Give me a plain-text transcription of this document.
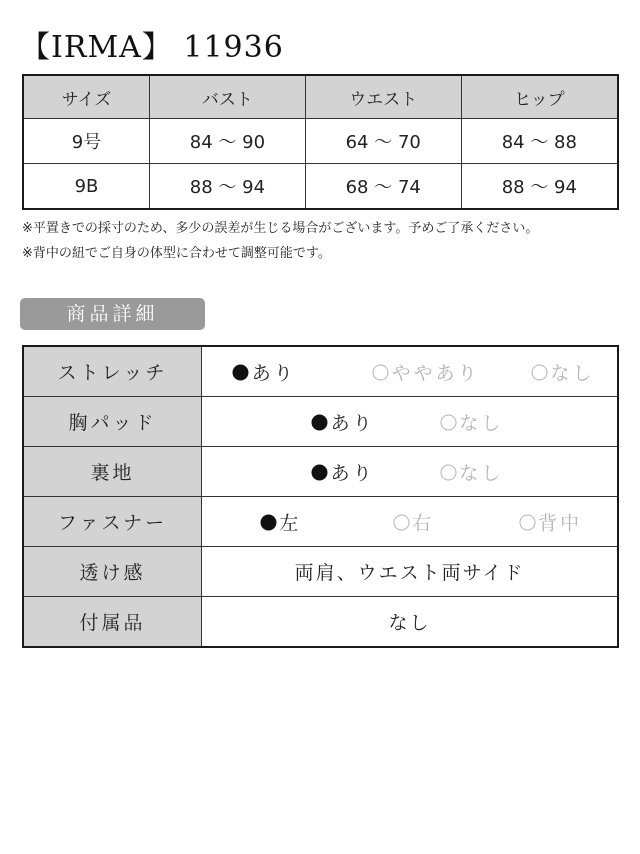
【IRMA】 11936
サイズ	バスト	ウエスト	ヒップ
9号	84 ～ 90	64 ～ 70	84 ～ 88
9B	88 ～ 94	68 ～ 74	88 ～ 94
※平置きでの採寸のため、多少の誤差が生じる場合がございます。予めご了承ください。
※背中の紐でご自身の体型に合わせて調整可能です。
商品詳細
ストレッチ	あり ややあり なし

胸パッド	あり なし

裏地	あり なし

ファスナー	左 右 背中

透け感	両肩、ウエスト両サイド
付属品	なし
